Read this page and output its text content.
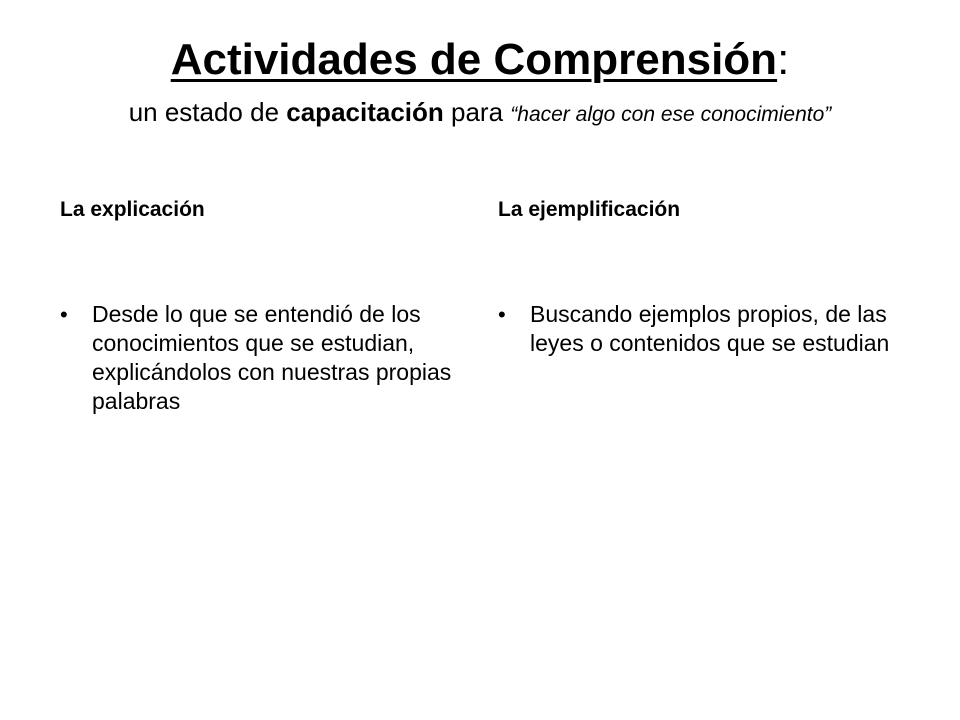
Actividades de Comprensión:
un estado de capacitación para “hacer algo con ese conocimiento”
La explicación
• Desde lo que se entendió de los conocimientos que se estudian, explicándolos con nuestras propias palabras
La ejemplificación
• Buscando ejemplos propios, de las leyes o contenidos que se estudian
